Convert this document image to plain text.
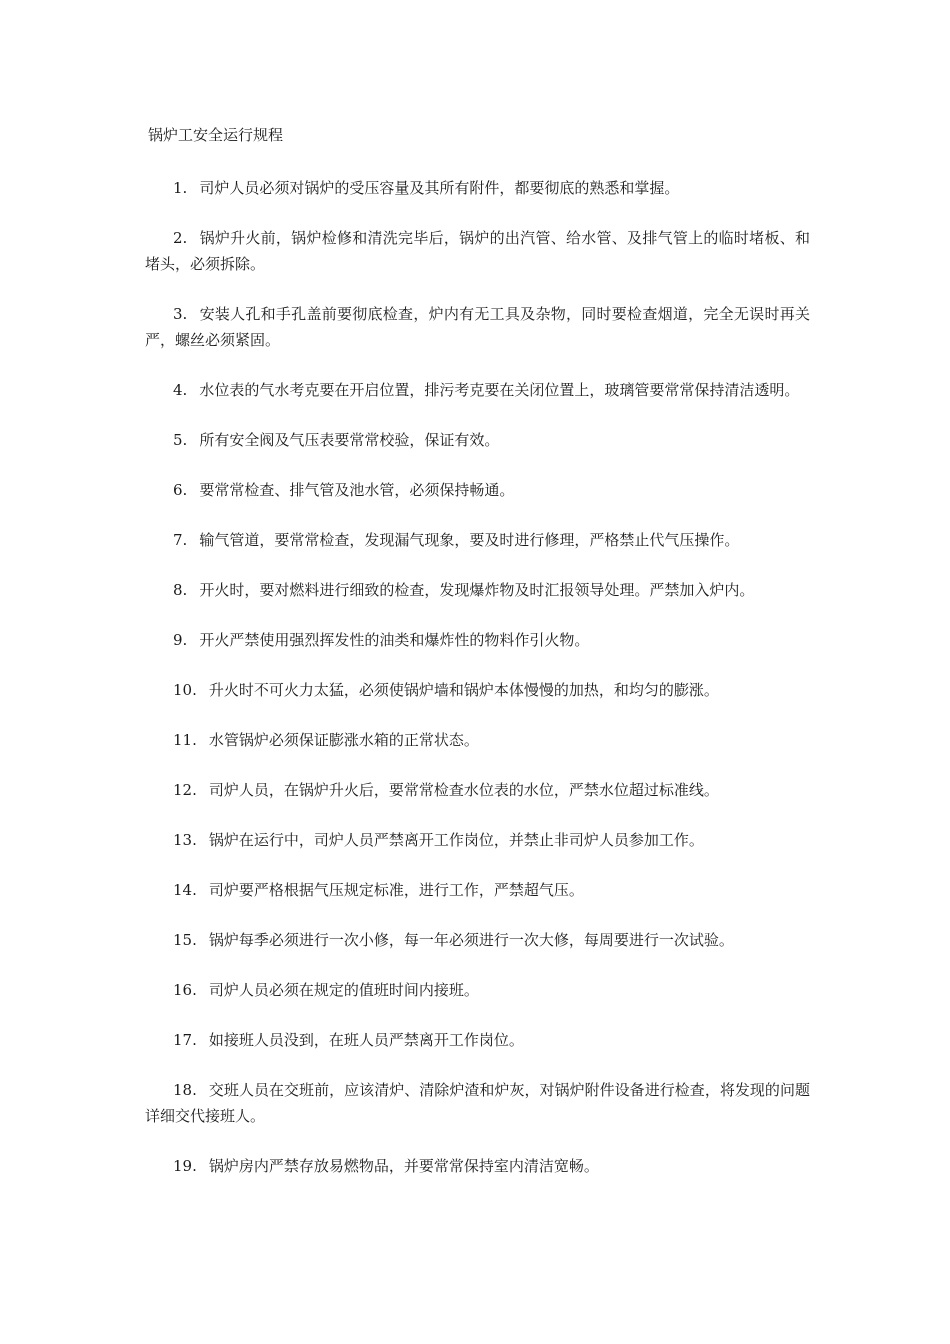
锅炉工安全运行规程
1. 司炉人员必须对锅炉的受压容量及其所有附件，都要彻底的熟悉和掌握。
2. 锅炉升火前，锅炉检修和清洗完毕后，锅炉的出汽管、给水管、及排气管上的临时堵板、和堵头，必须拆除。
3. 安装人孔和手孔盖前要彻底检查，炉内有无工具及杂物，同时要检查烟道，完全无误时再关严，螺丝必须紧固。
4. 水位表的气水考克要在开启位置，排污考克要在关闭位置上，玻璃管要常常保持清洁透明。
5. 所有安全阀及气压表要常常校验，保证有效。
6. 要常常检查、排气管及池水管，必须保持畅通。
7. 输气管道，要常常检查，发现漏气现象，要及时进行修理，严格禁止代气压操作。
8. 开火时，要对燃料进行细致的检查，发现爆炸物及时汇报领导处理。严禁加入炉内。
9. 开火严禁使用强烈挥发性的油类和爆炸性的物料作引火物。
10. 升火时不可火力太猛，必须使锅炉墙和锅炉本体慢慢的加热，和均匀的膨涨。
11. 水管锅炉必须保证膨涨水箱的正常状态。
12. 司炉人员，在锅炉升火后，要常常检查水位表的水位，严禁水位超过标准线。
13. 锅炉在运行中，司炉人员严禁离开工作岗位，并禁止非司炉人员参加工作。
14. 司炉要严格根据气压规定标准，进行工作，严禁超气压。
15. 锅炉每季必须进行一次小修，每一年必须进行一次大修，每周要进行一次试验。
16. 司炉人员必须在规定的值班时间内接班。
17. 如接班人员没到，在班人员严禁离开工作岗位。
18. 交班人员在交班前，应该清炉、清除炉渣和炉灰，对锅炉附件设备进行检查，将发现的问题详细交代接班人。
19. 锅炉房内严禁存放易燃物品，并要常常保持室内清洁宽畅。
